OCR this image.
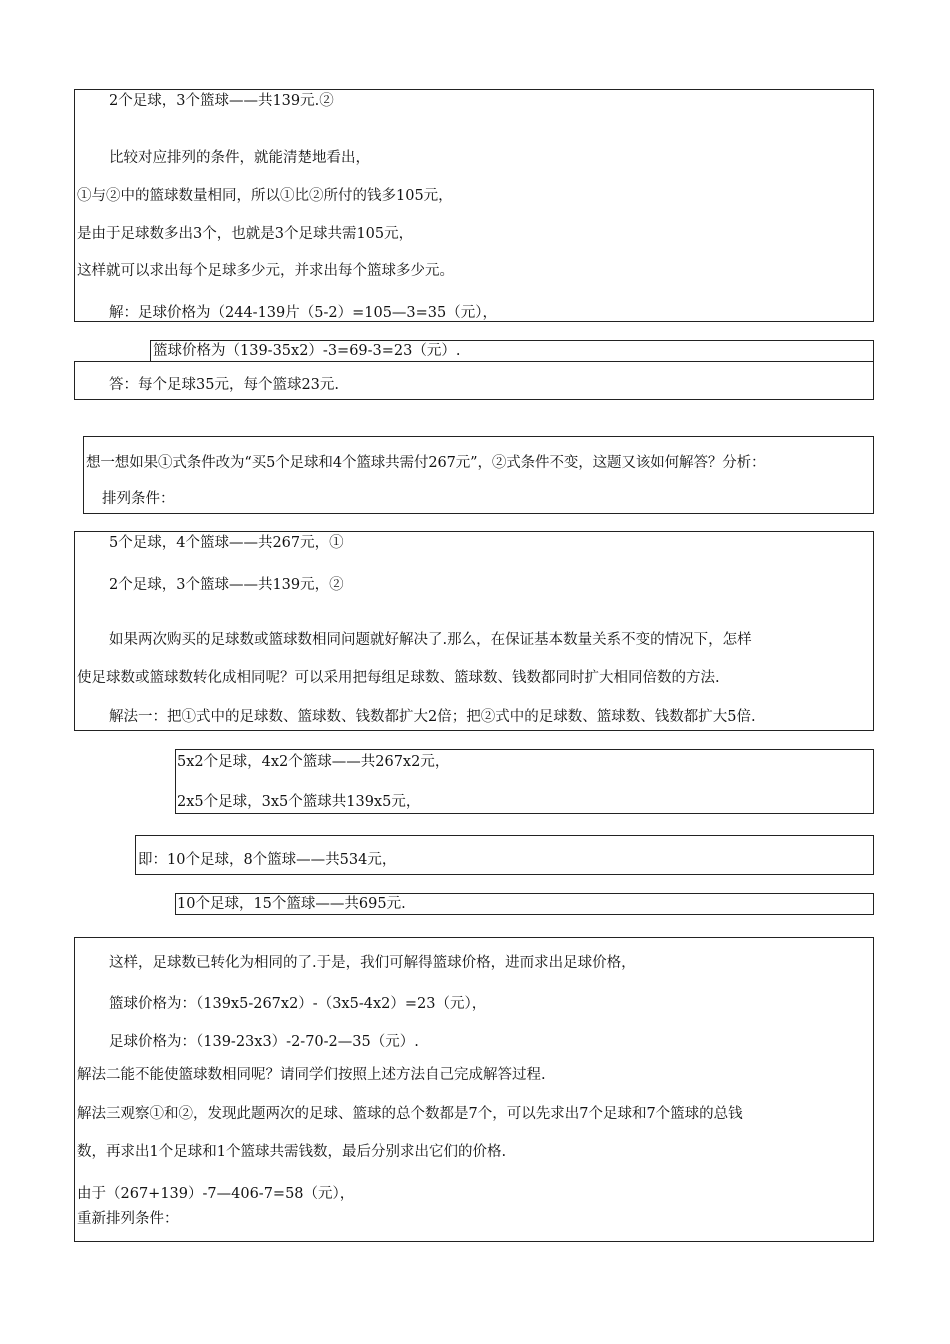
2个足球，3个篮球——共139元.②
比较对应排列的条件，就能清楚地看出，
①与②中的篮球数量相同，所以①比②所付的钱多105元，
是由于足球数多出3个，也就是3个足球共需105元，
这样就可以求出每个足球多少元，并求出每个篮球多少元。
解：足球价格为（244-139片（5-2）=105—3=35（元），
篮球价格为（139-35x2）-3=69-3=23（元）.
答：每个足球35元，每个篮球23元.
想一想如果①式条件改为“买5个足球和4个篮球共需付267元”，②式条件不变，这题又该如何解答？分析：
排列条件：
5个足球，4个篮球——共267元，①
2个足球，3个篮球——共139元，②
如果两次购买的足球数或篮球数相同问题就好解决了.那么，在保证基本数量关系不变的情况下，怎样
使足球数或篮球数转化成相同呢？可以采用把每组足球数、篮球数、钱数都同时扩大相同倍数的方法.
解法一：把①式中的足球数、篮球数、钱数都扩大2倍；把②式中的足球数、篮球数、钱数都扩大5倍.
5x2个足球，4x2个篮球——共267x2元，
2x5个足球，3x5个篮球共139x5元，
即：10个足球，8个篮球——共534元，
10个足球，15个篮球——共695元.
这样，足球数已转化为相同的了.于是，我们可解得篮球价格，进而求出足球价格，
篮球价格为：（139x5-267x2）-（3x5-4x2）=23（元），
足球价格为：（139-23x3）-2-70-2—35（元）.
解法二能不能使篮球数相同呢？请同学们按照上述方法自己完成解答过程.
解法三观察①和②，发现此题两次的足球、篮球的总个数都是7个，可以先求出7个足球和7个篮球的总钱
数，再求出1个足球和1个篮球共需钱数，最后分别求出它们的价格.
由于（267+139）-7—406-7=58（元），
重新排列条件：
